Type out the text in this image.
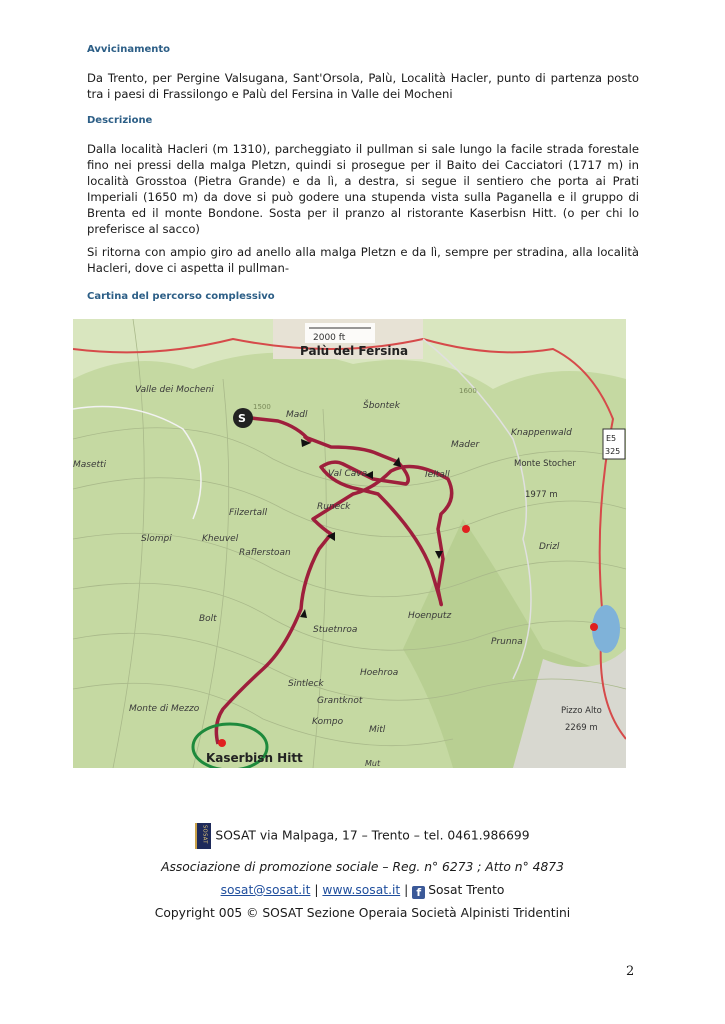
Avvicinamento

Da Trento, per Pergine Valsugana, Sant'Orsola, Palù, Località Hacler, punto di partenza posto tra i paesi di Frassilongo e Palù del Fersina in Valle dei Mocheni

Descrizione

Dalla località Hacleri (m 1310), parcheggiato il pullman si sale lungo la facile strada forestale fino nei pressi della malga Pletzn, quindi si prosegue per il Baito dei Cacciatori (1717 m) in località Grosstoa (Pietra Grande) e da lì, a destra, si segue il sentiero che porta ai Prati Imperiali (1650 m) da dove si può godere una stupenda vista sulla Paganella e il gruppo di Brenta ed il monte Bondone. Sosta per il pranzo al ristorante Kaserbisn Hitt. (o per chi lo preferisce al sacco)

Si ritorna con ampio giro ad anello alla malga Pletzn e da lì, sempre per stradina, alla località Hacleri, dove ci aspetta il pullman-

Cartina del percorso complessivo

2000 ft
E5
325
S
Palù del Fersina
Valle dei Mocheni
Madl
Šbontek
Mader
Knappenwald
Masetti
Val Cava	Ieltall
Monte Stocher
1977 m
Filzertall
Runeck
Slompi	Kheuvel
Raflerstoan
Drizl
Stuetnroa
Hoenputz
Bolt
Prunna
Hoehroa
Sintleck
Grantknot
Monte di Mezzo
Kompo
Mitl
Pizzo Alto
2269 m
Mut
Kaserbisn Hitt
1500
1600
SOSAT SOSAT via Malpaga, 17 – Trento – tel. 0461.986699
Associazione di promozione sociale – Reg. n° 6273 ; Atto n° 4873
sosat@sosat.it | www.sosat.it | f Sosat Trento
Copyright 005 © SOSAT Sezione Operaia Società Alpinisti Tridentini
2
